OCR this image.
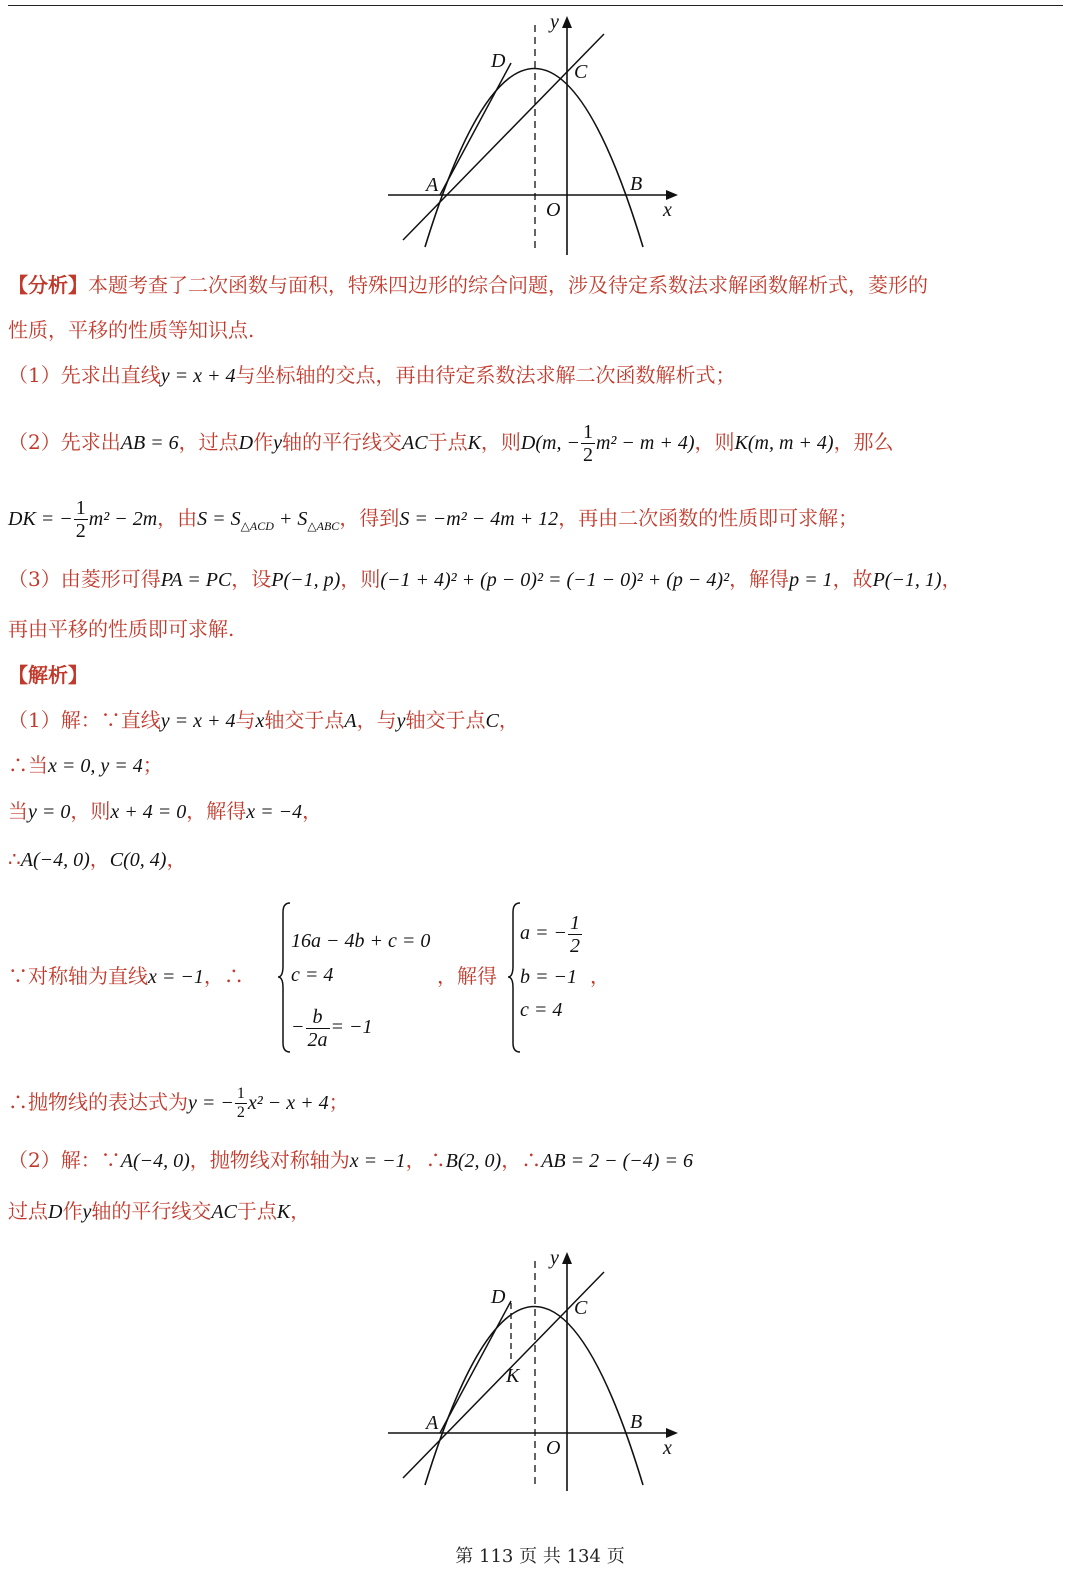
y
x
D	C
A	B
O
【分析】本题考查了二次函数与面积，特殊四边形的综合问题，涉及待定系数法求解函数解析式，菱形的
性质，平移的性质等知识点.
（1）先求出直线y = x + 4与坐标轴的交点，再由待定系数法求解二次函数解析式；
（2）先求出AB = 6，过点D作y轴的平行线交AC于点K，则D(m, − $\frac{1}{2} m^2 - m + 4$)，则K(m, m + 4)，那么
DK = − $\frac{1}{2} m^2 - 2m$，由$S = S_{\triangle ACD} + S_{\triangle ABC}$，得到S = −m² − 4m + 12，再由二次函数的性质即可求解；
（3）由菱形可得PA = PC，设P(−1, p)，则(−1 + 4)² + (p − 0)² = (−1 − 0)² + (p − 4)²，解得p = 1，故P(−1, 1)，
再由平移的性质即可求解.
【解析】
（1）解：∵直线y = x + 4与x轴交于点A，与y轴交于点C，
∴当x = 0, y = 4；
当y = 0，则x + 4 = 0，解得x = −4，
∴A(−4, 0)，C(0, 4)，
∵对称轴为直线x = −1，∴
16a − 4b + c = 0
c = 4
− $\frac{b}{2a} = -1$
，解得
a = − $\frac{1}{2}$
b = −1
c = 4
，
∴抛物线的表达式为y = − $\frac{1}{2} x^2 - x + 4$；
（2）解：∵A(−4, 0)，抛物线对称轴为x = −1，∴B(2, 0)，∴AB = 2 − (−4) = 6
过点D作y轴的平行线交AC于点K，
y
x
D	C
K
A	B
O
第 113 页 共 134 页
